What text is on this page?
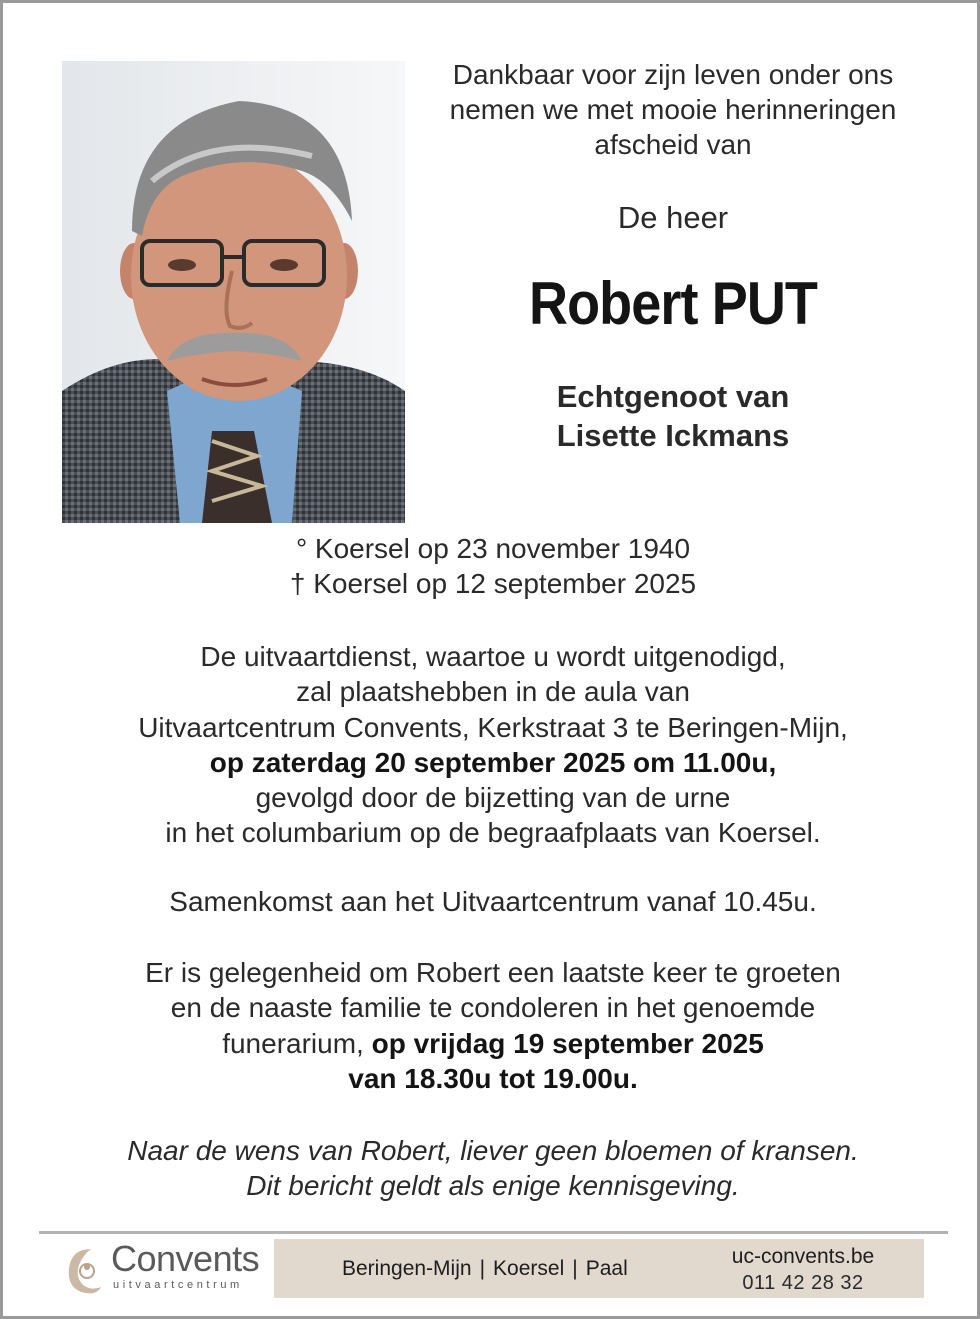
Dankbaar voor zijn leven onder ons
nemen we met mooie herinneringen
afscheid van
De heer
Robert PUT
Echtgenoot van
Lisette Ickmans
° Koersel op 23 november 1940
† Koersel op 12 september 2025
De uitvaartdienst, waartoe u wordt uitgenodigd,
zal plaatshebben in de aula van
Uitvaartcentrum Convents, Kerkstraat 3 te Beringen-Mijn,
op zaterdag 20 september 2025 om 11.00u,
gevolgd door de bijzetting van de urne
in het columbarium op de begraafplaats van Koersel.
Samenkomst aan het Uitvaartcentrum vanaf 10.45u.
Er is gelegenheid om Robert een laatste keer te groeten
en de naaste familie te condoleren in het genoemde
funerarium, op vrijdag 19 september 2025
van 18.30u tot 19.00u.
Naar de wens van Robert, liever geen bloemen of kransen.
Dit bericht geldt als enige kennisgeving.
Convents
uitvaartcentrum
Beringen-Mijn | Koersel | Paal
uc-convents.be
011 42 28 32
